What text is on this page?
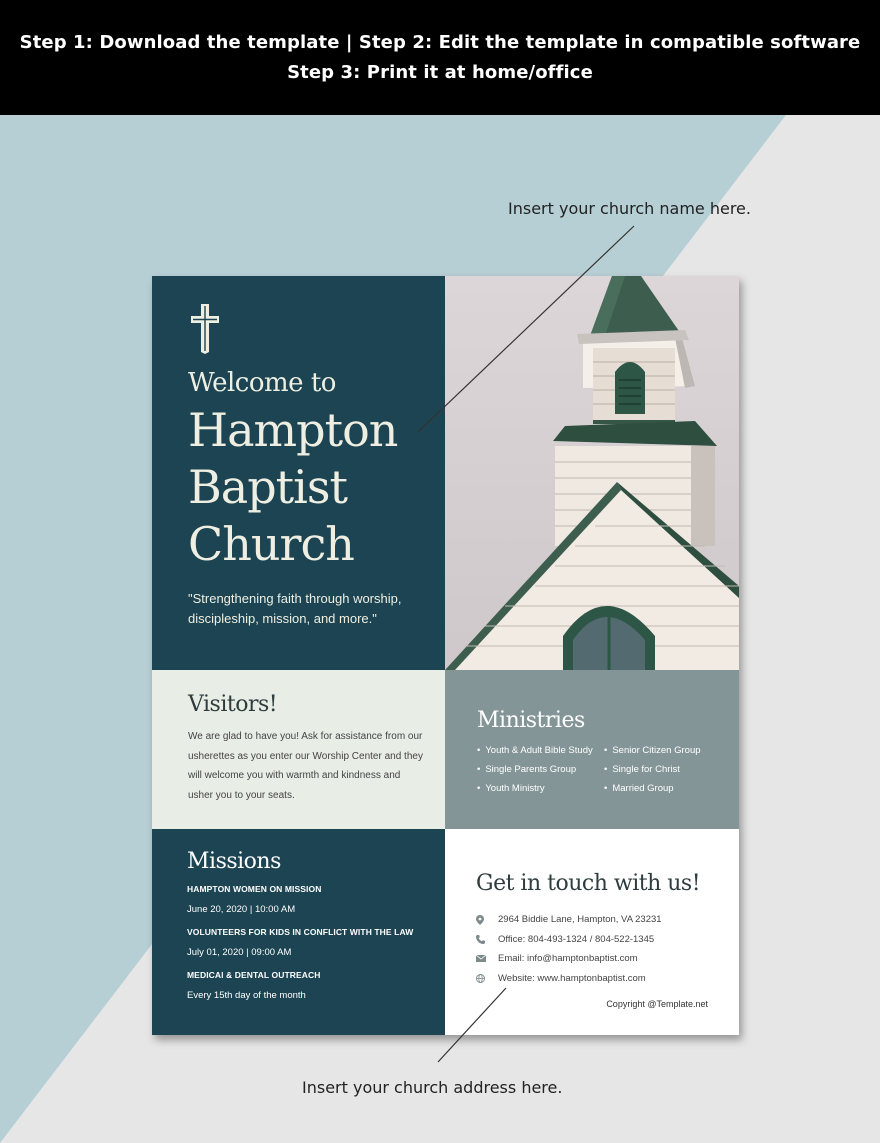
Step 1: Download the template | Step 2: Edit the template in compatible software

Step 3: Print it at home/office

Welcome to
Hampton
Baptist
Church

"Strengthening faith through worship, discipleship, mission, and more."

Visitors!

We are glad to have you! Ask for assistance from our usherettes as you enter our Worship Center and they will welcome you with warmth and kindness and usher you to your seats.

Ministries
• Youth & Adult Bible Study	• Senior Citizen Group
• Single Parents Group	• Single for Christ
• Youth Ministry	• Married Group
Missions
HAMPTON WOMEN ON MISSION
June 20, 2020 | 10:00 AM
VOLUNTEERS FOR KIDS IN CONFLICT WITH THE LAW
July 01, 2020 | 09:00 AM
MEDICAl & DENTAL OUTREACH
Every 15th day of the month
Get in touch with us!
2964 Biddie Lane, Hampton, VA 23231
Office: 804-493-1324 / 804-522-1345
Email: info@hamptonbaptist.com
Website: www.hamptonbaptist.com
Copyright @Template.net
Insert your church name here.
Insert your church address here.
